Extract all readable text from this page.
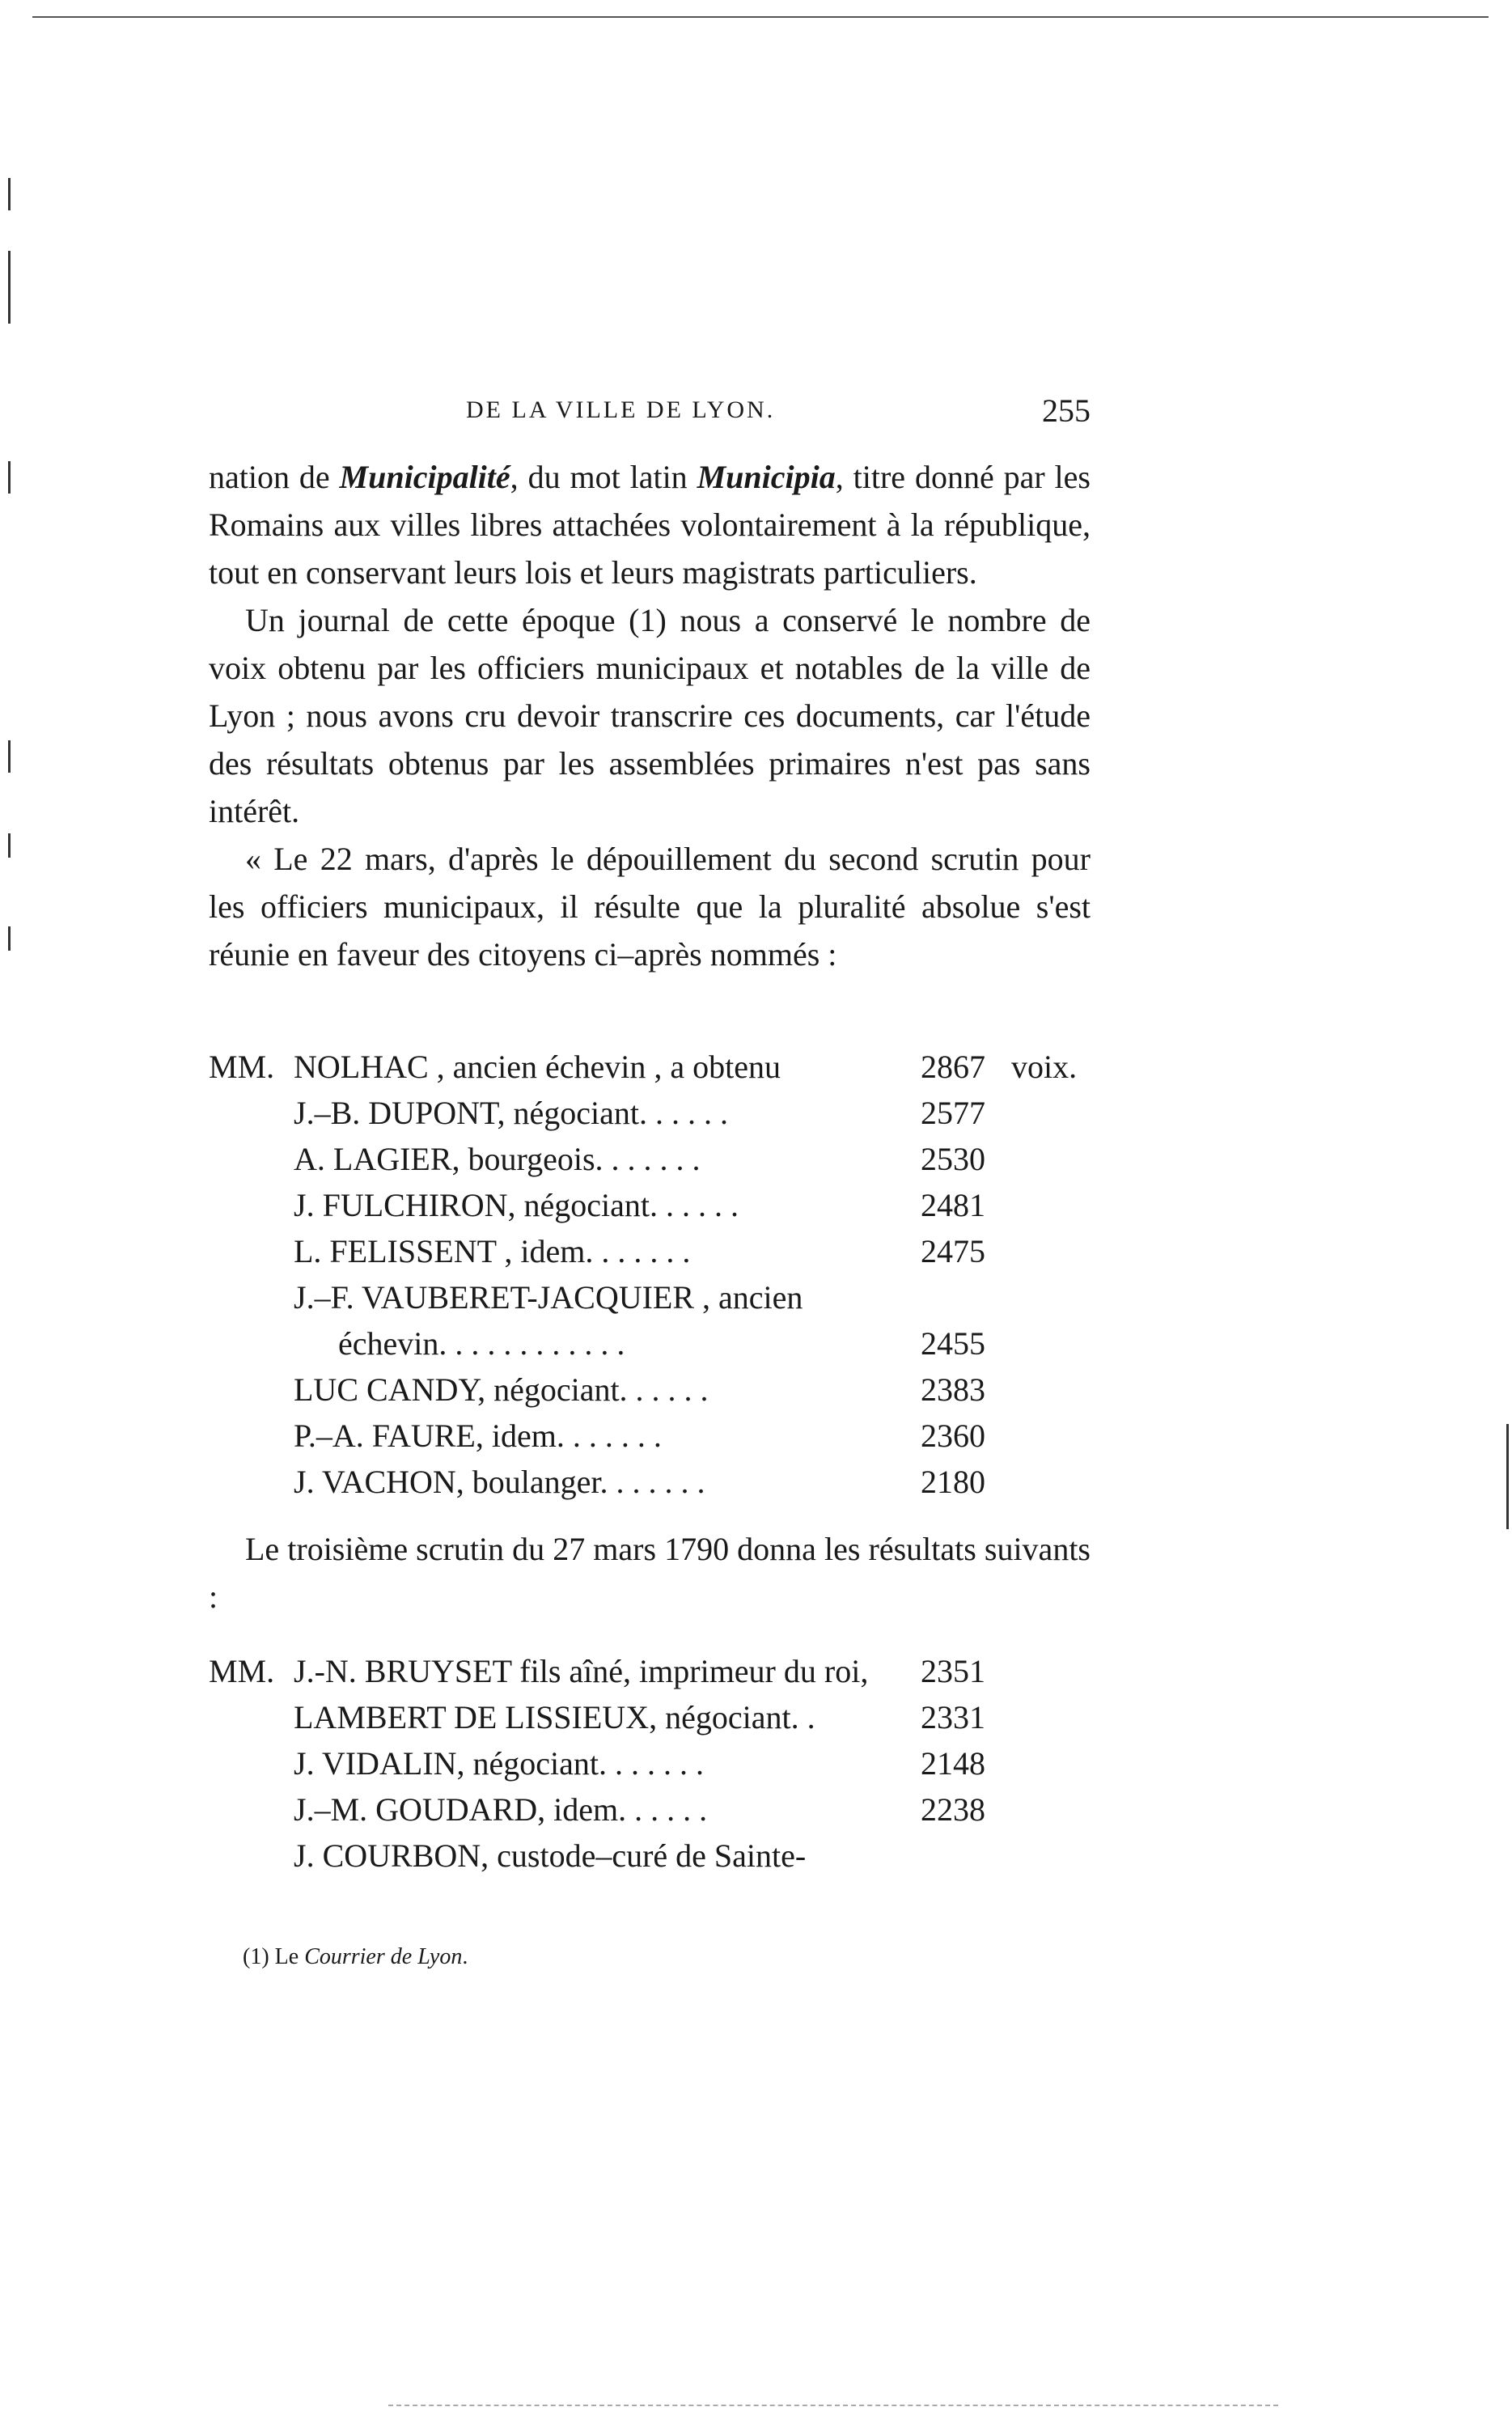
DE LA VILLE DE LYON.	255

nation de Municipalité, du mot latin Municipia, titre donné par les Romains aux villes libres attachées volontairement à la république, tout en conservant leurs lois et leurs magistrats particuliers.

Un journal de cette époque (1) nous a conservé le nombre de voix obtenu par les officiers municipaux et notables de la ville de Lyon ; nous avons cru devoir transcrire ces documents, car l'étude des résultats obtenus par les assemblées primaires n'est pas sans intérêt.

« Le 22 mars, d'après le dépouillement du second scrutin pour les officiers municipaux, il résulte que la pluralité absolue s'est réunie en faveur des citoyens ci–après nommés :

MM. NOLHAC , ancien échevin , a obtenu	2867 voix.
J.–B. DUPONT, négociant. . . . . .	2577
A. LAGIER, bourgeois. . . . . . .	2530
J. FULCHIRON, négociant. . . . . .	2481
L. FELISSENT , idem. . . . . . .	2475
J.–F. VAUBERET-JACQUIER , ancien
échevin. . . . . . . . . . . .	2455
LUC CANDY, négociant. . . . . .	2383
P.–A. FAURE, idem. . . . . . .	2360
J. VACHON, boulanger. . . . . . .	2180

Le troisième scrutin du 27 mars 1790 donna les résultats suivants :

MM. J.-N. BRUYSET fils aîné, imprimeur du roi, 2351
LAMBERT DE LISSIEUX, négociant. .	2331
J. VIDALIN, négociant. . . . . . .	2148
J.–M. GOUDARD, idem. . . . . .	2238
J. COURBON, custode–curé de Sainte-
(1) Le Courrier de Lyon.
